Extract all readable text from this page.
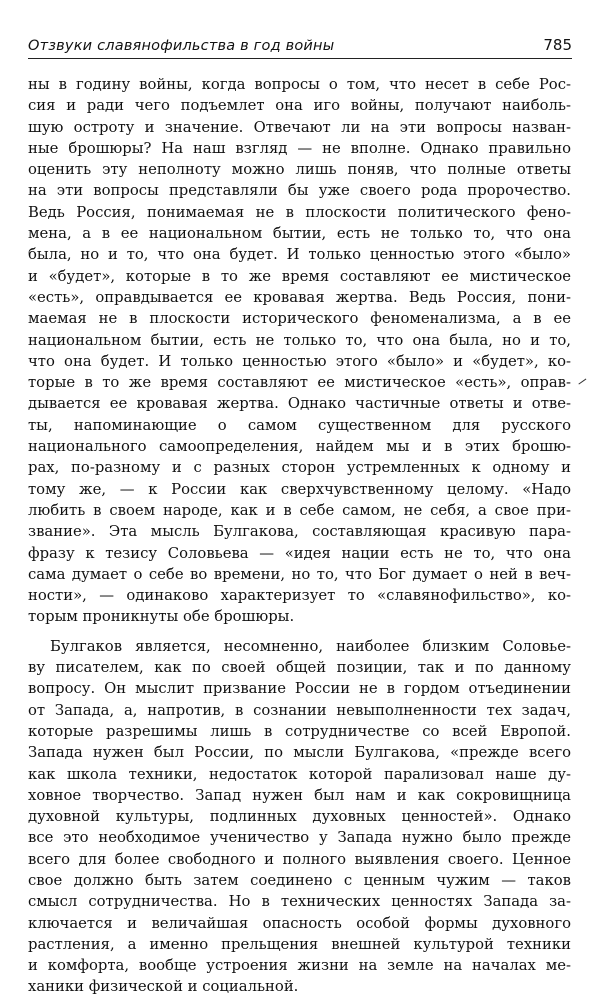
Отзвуки славянофильства в год войны	785

ны в годину войны, когда вопросы о том, что несет в себе Рос-
сия и ради чего подъемлет она иго войны, получают наиболь-
шую остроту и значение. Отвечают ли на эти вопросы назван-
ные брошюры? На наш взгляд — не вполне. Однако правильно
оценить эту неполноту можно лишь поняв, что полные ответы
на эти вопросы представляли бы уже своего рода пророчество.
Ведь Россия, понимаемая не в плоскости политического фено-
мена, а в ее национальном бытии, есть не только то, что она
была, но и то, что она будет. И только ценностью этого «было»
и «будет», которые в то же время составляют ее мистическое
«есть», оправдывается ее кровавая жертва. Ведь Россия, пони-
маемая не в плоскости исторического феноменализма, а в ее
национальном бытии, есть не только то, что она была, но и то,
что она будет. И только ценностью этого «было» и «будет», ко-
торые в то же время составляют ее мистическое «есть», оправ-
дывается ее кровавая жертва. Однако частичные ответы и отве-
ты, напоминающие о самом существенном для русского
национального самоопределения, найдем мы и в этих брошю-
рах, по-разному и с разных сторон устремленных к одному и
тому же, — к России как сверхчувственному целому. «Надо
любить в своем народе, как и в себе самом, не себя, а свое при-
звание». Эта мысль Булгакова, составляющая красивую пара-
фразу к тезису Соловьева — «идея нации есть не то, что она
сама думает о себе во времени, но то, что Бог думает о ней в веч-
ности», — одинаково характеризует то «славянофильство», ко-
торым проникнуты обе брошюры.

Булгаков является, несомненно, наиболее близким Соловье-
ву писателем, как по своей общей позиции, так и по данному
вопросу. Он мыслит призвание России не в гордом отъединении
от Запада, а, напротив, в сознании невыполненности тех задач,
которые разрешимы лишь в сотрудничестве со всей Европой.
Запада нужен был России, по мысли Булгакова, «прежде всего
как школа техники, недостаток которой парализовал наше ду-
ховное творчество. Запад нужен был нам и как сокровищница
духовной культуры, подлинных духовных ценностей». Однако
все это необходимое ученичество у Запада нужно было прежде
всего для более свободного и полного выявления своего. Ценное
свое должно быть затем соединено с ценным чужим — таков
смысл сотрудничества. Но в технических ценностях Запада за-
ключается и величайшая опасность особой формы духовного
растления, а именно прельщения внешней культурой техники
и комфорта, вообще устроения жизни на земле на началах ме-
ханики физической и социальной.
